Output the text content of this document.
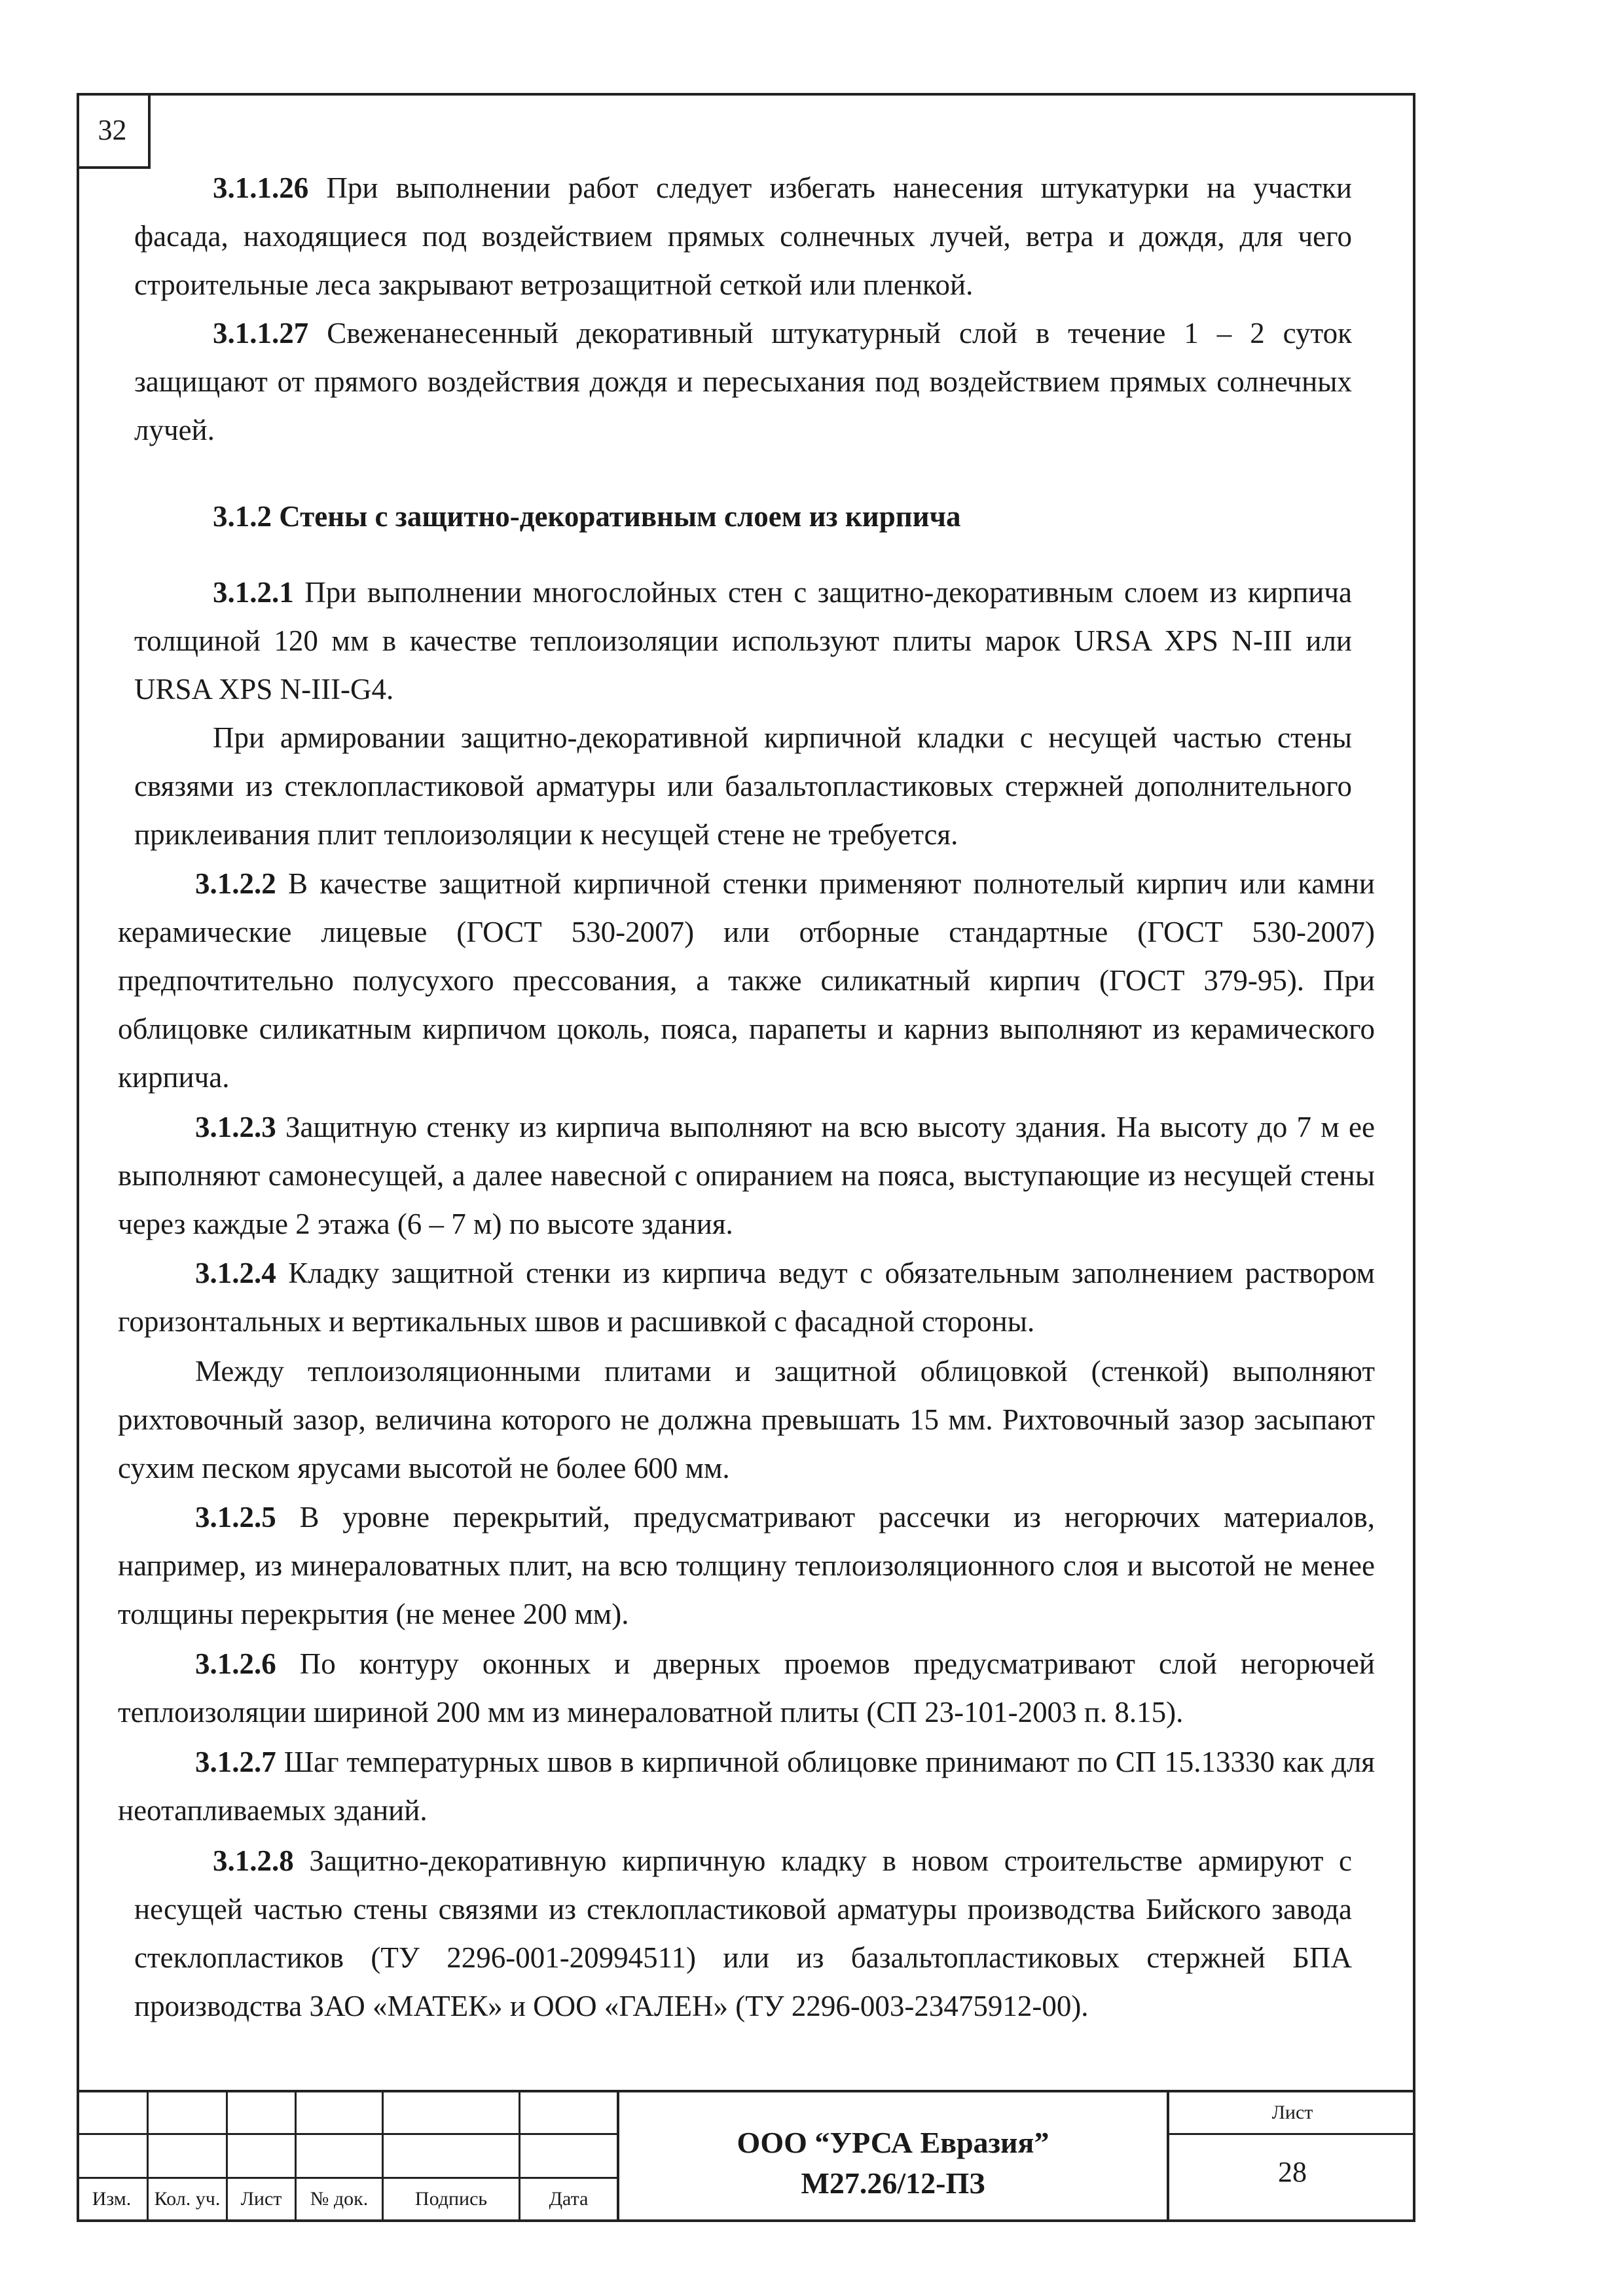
32

3.1.1.26 При выполнении работ следует избегать нанесения штукатурки на участки фасада, находящиеся под воздействием прямых солнечных лучей, ветра и дождя, для чего строительные леса закрывают ветрозащитной сеткой или пленкой.

3.1.1.27 Свеженанесенный декоративный штукатурный слой в течение 1 – 2 суток защищают от прямого воздействия дождя и пересыхания под воздействием прямых солнечных лучей.

3.1.2 Стены с защитно-декоративным слоем из кирпича

3.1.2.1 При выполнении многослойных стен с защитно-декоративным слоем из кирпича толщиной 120 мм в качестве теплоизоляции используют плиты марок URSA XPS N-III или URSA XPS N-III-G4.

При армировании защитно-декоративной кирпичной кладки с несущей частью стены связями из стеклопластиковой арматуры или базальтопластиковых стержней дополнительного приклеивания плит теплоизоляции к несущей стене не требуется.

3.1.2.2 В качестве защитной кирпичной стенки применяют полнотелый кирпич или камни керамические лицевые (ГОСТ 530-2007) или отборные стандартные (ГОСТ 530-2007) предпочтительно полусухого прессования, а также силикатный кирпич (ГОСТ 379-95). При облицовке силикатным кирпичом цоколь, пояса, парапеты и карниз выполняют из керамического кирпича.

3.1.2.3 Защитную стенку из кирпича выполняют на всю высоту здания. На высоту до 7 м ее выполняют самонесущей, а далее навесной с опиранием на пояса, выступающие из несущей стены через каждые 2 этажа (6 – 7 м) по высоте здания.

3.1.2.4 Кладку защитной стенки из кирпича ведут с обязательным заполнением раствором горизонтальных и вертикальных швов и расшивкой с фасадной стороны.

Между теплоизоляционными плитами и защитной облицовкой (стенкой) выполняют рихтовочный зазор, величина которого не должна превышать 15 мм. Рихтовочный зазор засыпают сухим песком ярусами высотой не более 600 мм.

3.1.2.5 В уровне перекрытий, предусматривают рассечки из негорючих материалов, например, из минераловатных плит, на всю толщину теплоизоляционного слоя и высотой не менее толщины перекрытия (не менее 200 мм).

3.1.2.6 По контуру оконных и дверных проемов предусматривают слой негорючей теплоизоляции шириной 200 мм из минераловатной плиты (СП 23-101-2003 п. 8.15).

3.1.2.7 Шаг температурных швов в кирпичной облицовке принимают по СП 15.13330 как для неотапливаемых зданий.

3.1.2.8 Защитно-декоративную кирпичную кладку в новом строительстве армируют с несущей частью стены связями из стеклопластиковой арматуры производства Бийского завода стеклопластиков (ТУ 2296-001-20994511) или из базальтопластиковых стержней БПА производства ЗАО «МАТЕК» и ООО «ГАЛЕН» (ТУ 2296-003-23475912-00).

Изм.	Кол. уч.	Лист	№ док.	Подпись	Дата
ООО “УРСА Евразия”
М27.26/12-ПЗ
Лист
28
